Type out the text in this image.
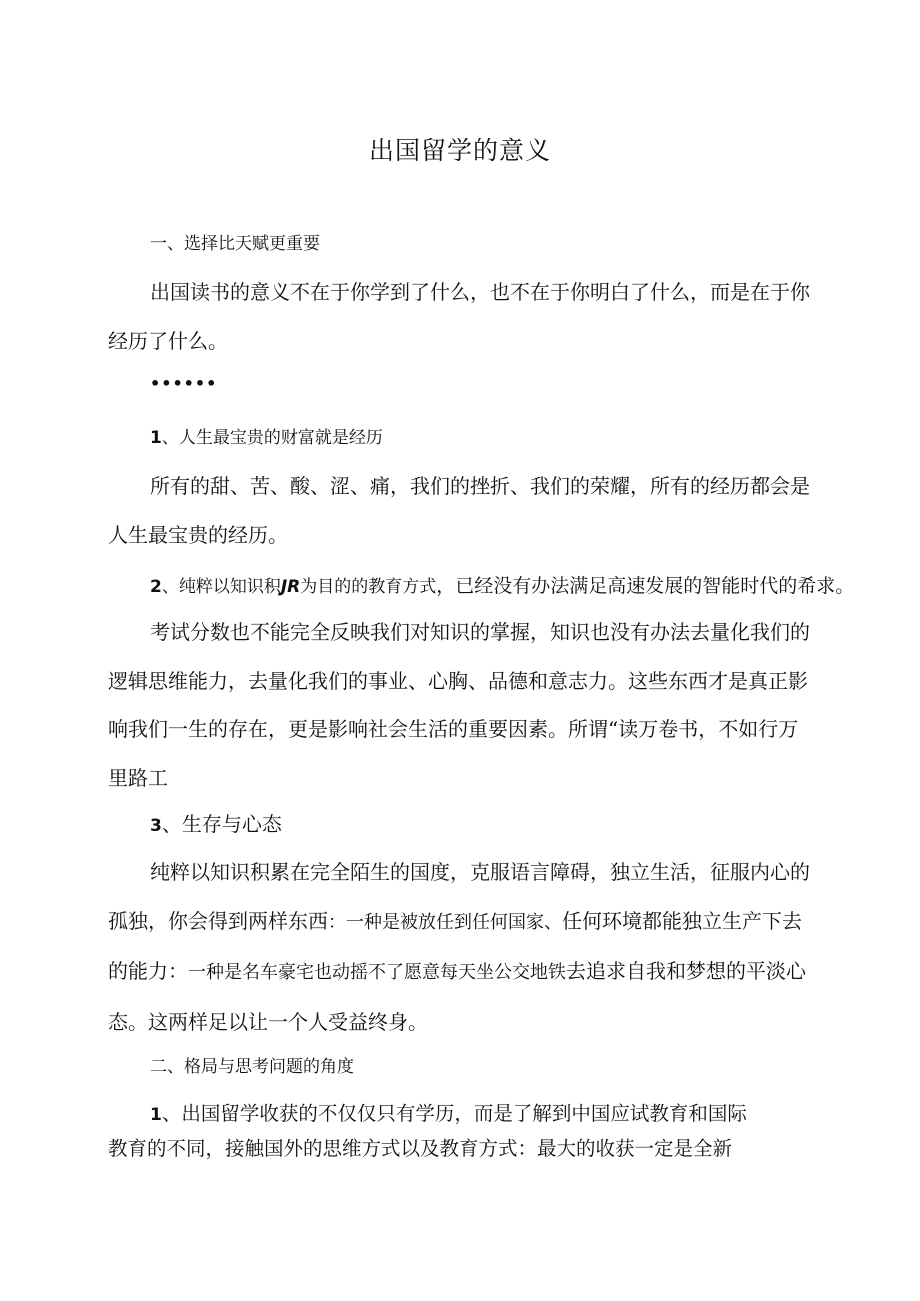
出国留学的意义
一、选择比天赋更重要

出国读书的意义不在于你学到了什么，也不在于你明白了什么，而是在于你经历了什么。

••••••
1、人生最宝贵的财富就是经历

所有的甜、苦、酸、涩、痛，我们的挫折、我们的荣耀，所有的经历都会是人生最宝贵的经历。

2、纯粹以知识积JR为目的的教育方式，已经没有办法满足高速发展的智能时代的希求。

考试分数也不能完全反映我们对知识的掌握，知识也没有办法去量化我们的逻辑思维能力，去量化我们的事业、心胸、品德和意志力。这些东西才是真正影响我们一生的存在，更是影响社会生活的重要因素。所谓“读万卷书，不如行万里路工

3、生存与心态

纯粹以知识积累在完全陌生的国度，克服语言障碍，独立生活，征服内心的孤独，你会得到两样东西：一种是被放任到任何国家、任何环境都能独立生产下去的能力：一种是名车豪宅也动摇不了愿意每天坐公交地铁去追求自我和梦想的平淡心态。这两样足以让一个人受益终身。

二、格局与思考问题的角度
1、出国留学收获的不仅仅只有学历，而是了解到中国应试教育和国际
教育的不同，接触国外的思维方式以及教育方式：最大的收获一定是全新
